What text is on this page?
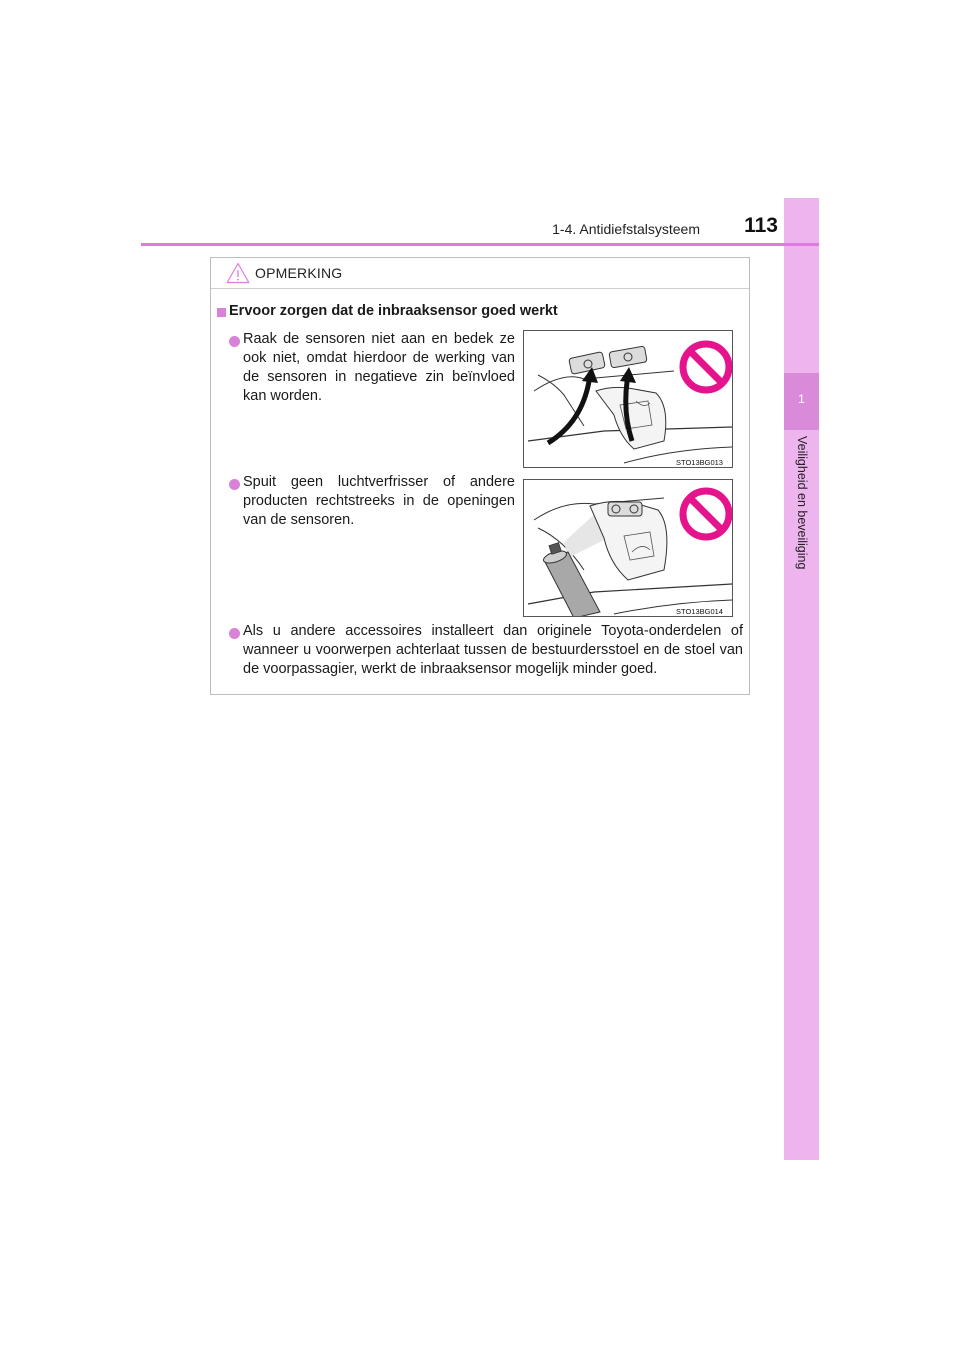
1
Veiligheid en beveiliging
1-4. Antidiefstalsysteem	113
OPMERKING
Ervoor zorgen dat de inbraaksensor goed werkt
Raak de sensoren niet aan en bedek ze ook niet, omdat hierdoor de werking van de sensoren in negatieve zin beïnvloed kan worden.
Spuit geen luchtverfrisser of andere producten rechtstreeks in de openingen van de sensoren.
Als u andere accessoires installeert dan originele Toyota-onderdelen of wanneer u voorwerpen achterlaat tussen de bestuurdersstoel en de stoel van de voorpassagier, werkt de inbraaksensor mogelijk minder goed.
STO13BG013
STO13BG014
